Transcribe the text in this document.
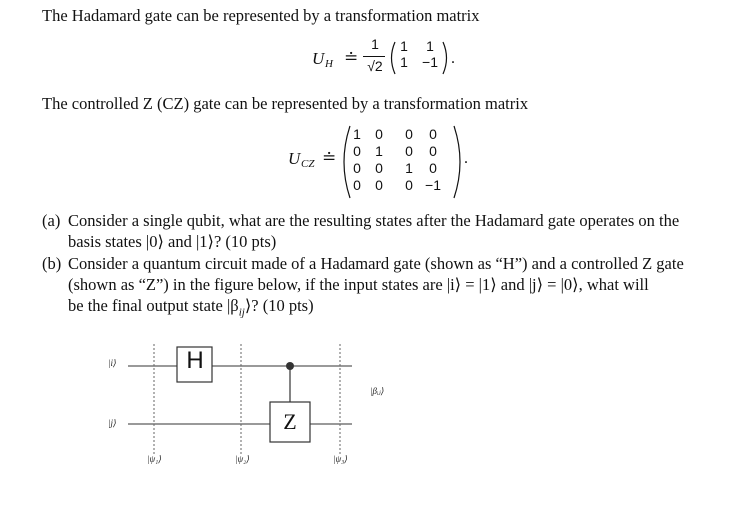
The Hadamard gate can be represented by a transformation matrix
U H ≐
1
√2
1	1
1	−1 .
The controlled Z (CZ) gate can be represented by a transformation matrix
U CZ ≐
1	0	0	0
0	1	0	0
0	0	1	0
0	0	0 −1
.
(a) Consider a single qubit, what are the resulting states after the Hadamard gate operates on the
basis states |0⟩ and |1⟩? (10 pts)
(b) Consider a quantum circuit made of a Hadamard gate (shown as “H”) and a controlled Z gate
(shown as “Z”) in the figure below, if the input states are |i⟩ = |1⟩ and |j⟩ = |0⟩, what will
be the final output state $|\beta_{ij}⟩$? (10 pts)
H
Z
|i⟩
|j⟩
|ψ₁⟩	|ψ₂⟩	|ψ₃⟩
|βᵢⱼ⟩
